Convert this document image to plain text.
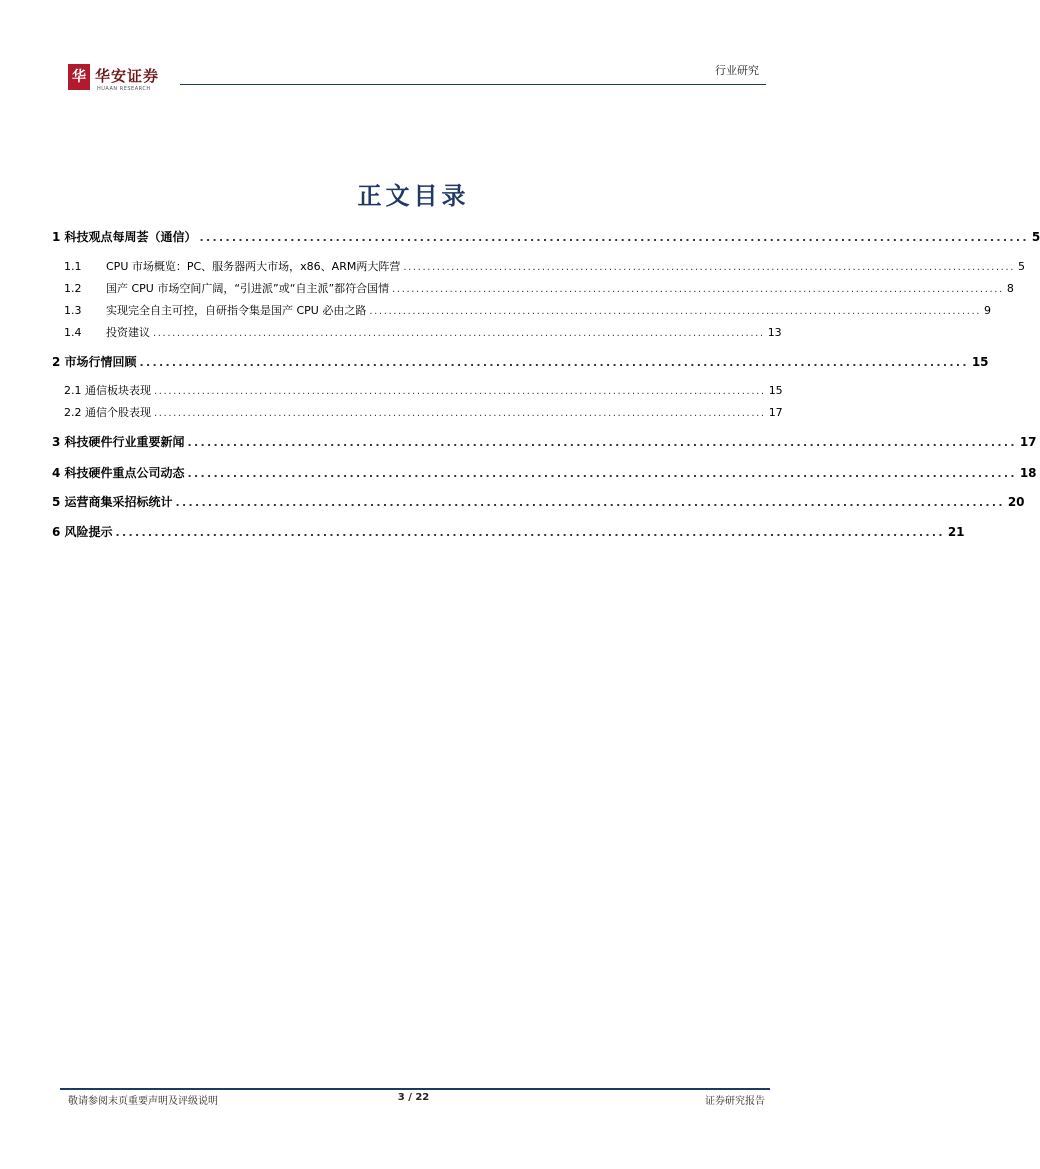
华 华安证券
HUAAN RESEARCH
行业研究
正文目录
1 科技观点每周荟（通信） ................................................................................................................................ 5
1.1 CPU 市场概览：PC、服务器两大市场，x86、ARM两大阵营 ................................................................................................................................ 5
1.2 国产 CPU 市场空间广阔，“引进派”或“自主派”都符合国情 ................................................................................................................................ 8
1.3 实现完全自主可控，自研指令集是国产 CPU 必由之路 ................................................................................................................................ 9
1.4 投资建议 ................................................................................................................................ 13
2 市场行情回顾 ................................................................................................................................ 15
2.1 通信板块表现 ................................................................................................................................ 15
2.2 通信个股表现 ................................................................................................................................ 17
3 科技硬件行业重要新闻 ................................................................................................................................ 17
4 科技硬件重点公司动态 ................................................................................................................................ 18
5 运营商集采招标统计 ................................................................................................................................ 20
6 风险提示 ................................................................................................................................ 21
敬请参阅末页重要声明及评级说明	3 / 22	证券研究报告
